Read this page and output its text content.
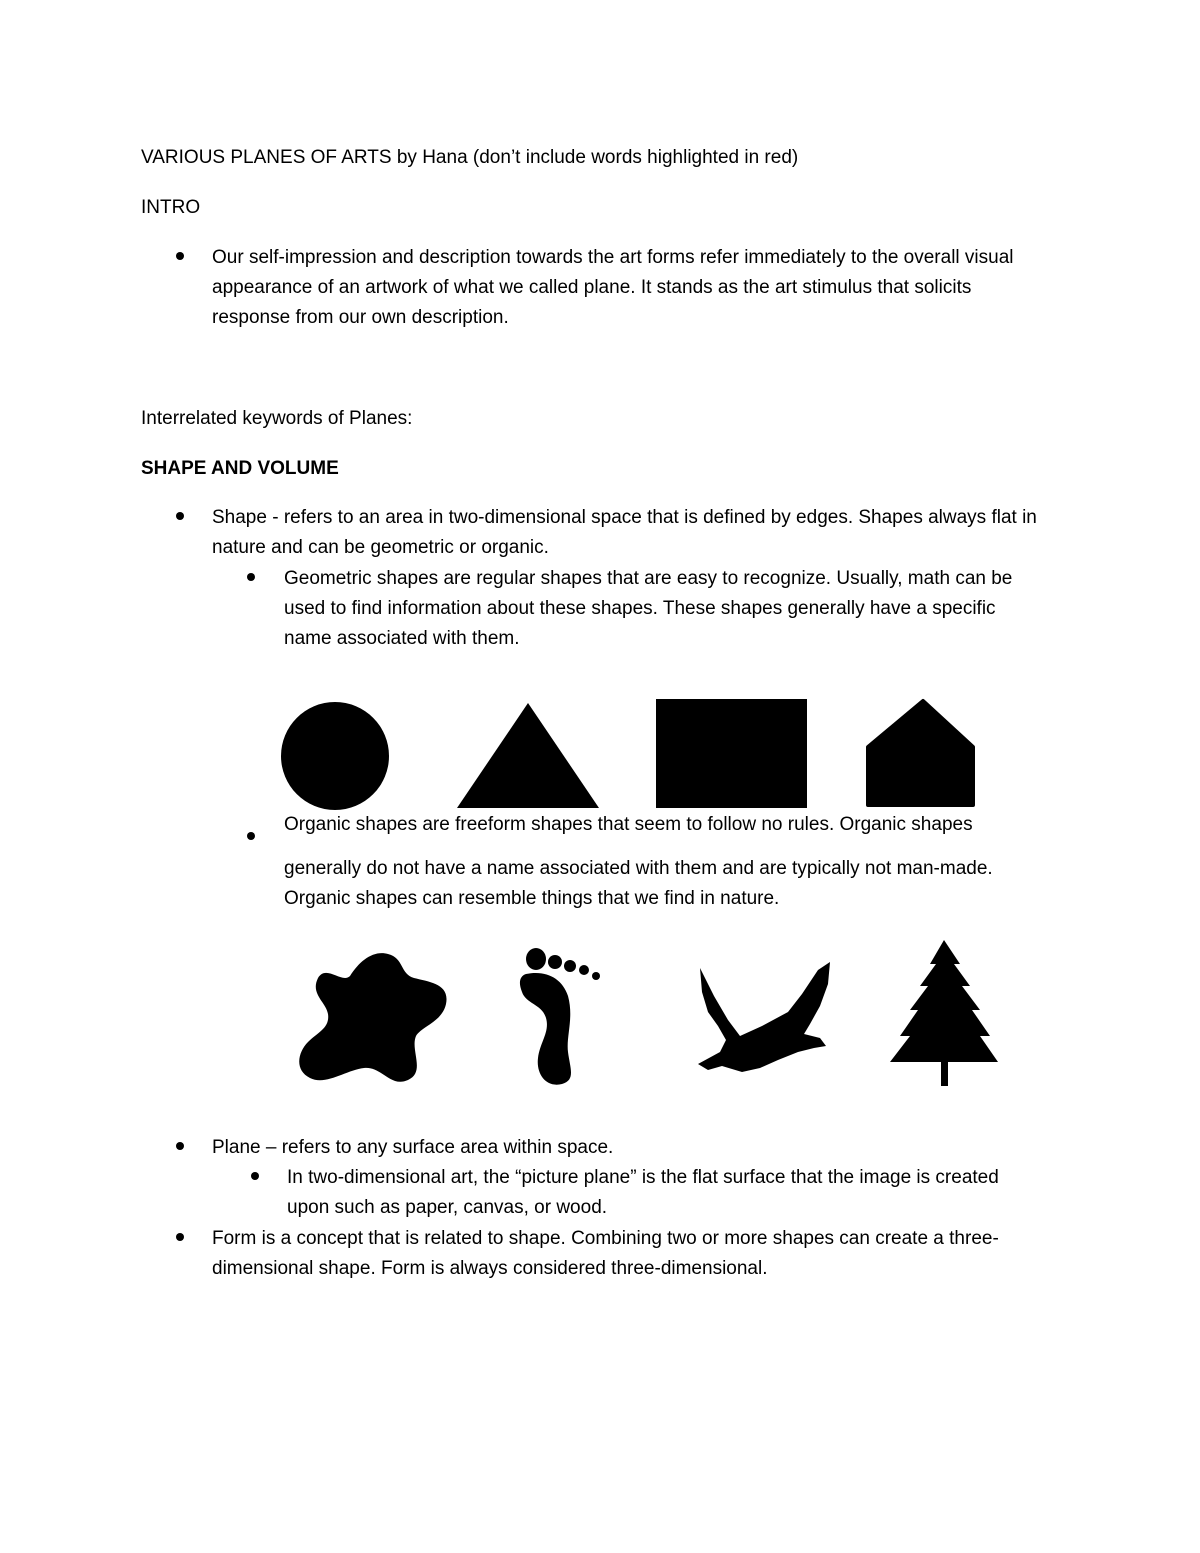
VARIOUS PLANES OF ARTS by Hana (don’t include words highlighted in red)
INTRO
Our self-impression and description towards the art forms refer immediately to the overall visual
appearance of an artwork of what we called plane. It stands as the art stimulus that solicits
response from our own description.
Interrelated keywords of Planes:
SHAPE AND VOLUME
Shape - refers to an area in two-dimensional space that is defined by edges. Shapes always flat in
nature and can be geometric or organic.
Geometric shapes are regular shapes that are easy to recognize. Usually, math can be
used to find information about these shapes. These shapes generally have a specific
name associated with them.
Organic shapes are freeform shapes that seem to follow no rules. Organic shapes
generally do not have a name associated with them and are typically not man-made.
Organic shapes can resemble things that we find in nature.
Plane – refers to any surface area within space.
In two-dimensional art, the “picture plane” is the flat surface that the image is created
upon such as paper, canvas, or wood.
Form is a concept that is related to shape. Combining two or more shapes can create a three-
dimensional shape. Form is always considered three-dimensional.
